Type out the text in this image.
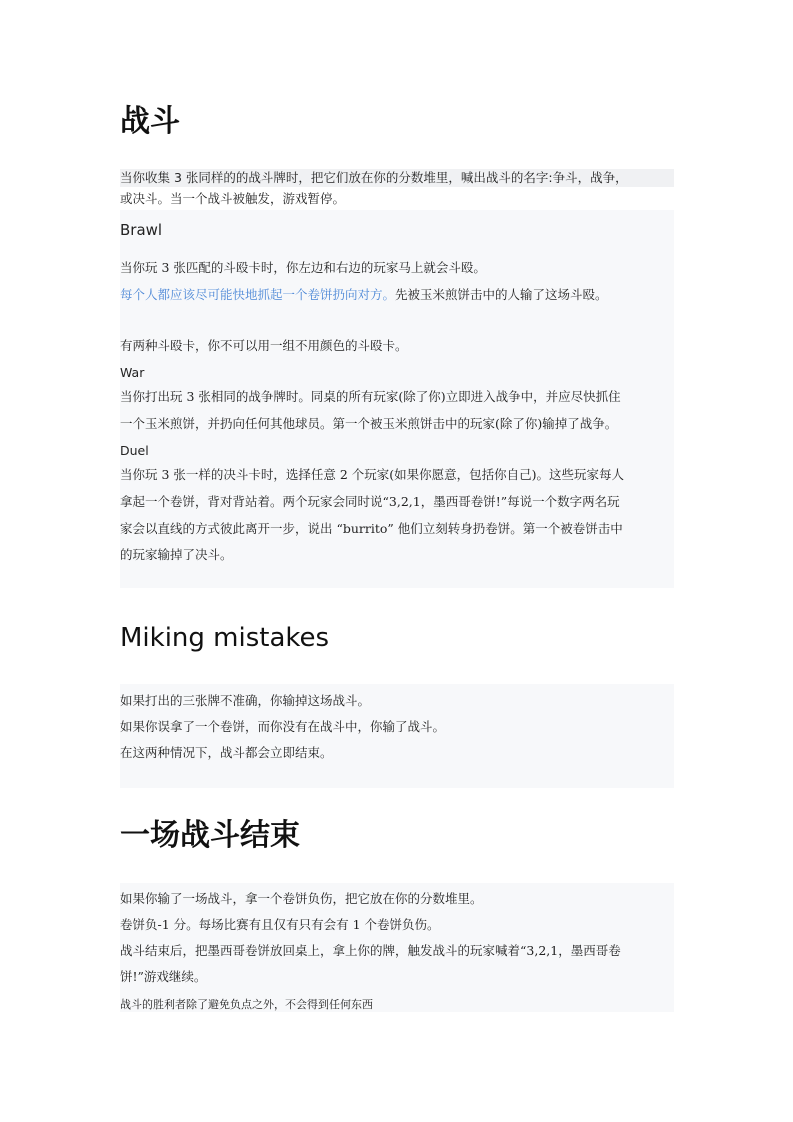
战斗
当你收集 3 张同样的的战斗牌时，把它们放在你的分数堆里，喊出战斗的名字:争斗，战争，
或决斗。当一个战斗被触发，游戏暂停。
Brawl
当你玩 3 张匹配的斗殴卡时，你左边和右边的玩家马上就会斗殴。
每个人都应该尽可能快地抓起一个卷饼扔向对方。先被玉米煎饼击中的人输了这场斗殴。
有两种斗殴卡，你不可以用一组不用颜色的斗殴卡。
War
当你打出玩 3 张相同的战争牌时。同桌的所有玩家(除了你)立即进入战争中，并应尽快抓住
一个玉米煎饼，并扔向任何其他球员。第一个被玉米煎饼击中的玩家(除了你)输掉了战争。
Duel
当你玩 3 张一样的决斗卡时，选择任意 2 个玩家(如果你愿意，包括你自己)。这些玩家每人
拿起一个卷饼，背对背站着。两个玩家会同时说“3,2,1，墨西哥卷饼!”每说一个数字两名玩
家会以直线的方式彼此离开一步，说出 “burrito” 他们立刻转身扔卷饼。第一个被卷饼击中
的玩家输掉了决斗。
Miking mistakes
如果打出的三张牌不准确，你输掉这场战斗。
如果你误拿了一个卷饼，而你没有在战斗中，你输了战斗。
在这两种情况下，战斗都会立即结束。
一场战斗结束
如果你输了一场战斗，拿一个卷饼负伤，把它放在你的分数堆里。
卷饼负-1 分。每场比赛有且仅有只有会有 1 个卷饼负伤。
战斗结束后，把墨西哥卷饼放回桌上，拿上你的牌，触发战斗的玩家喊着“3,2,1，墨西哥卷
饼!”游戏继续。
战斗的胜利者除了避免负点之外，不会得到任何东西
